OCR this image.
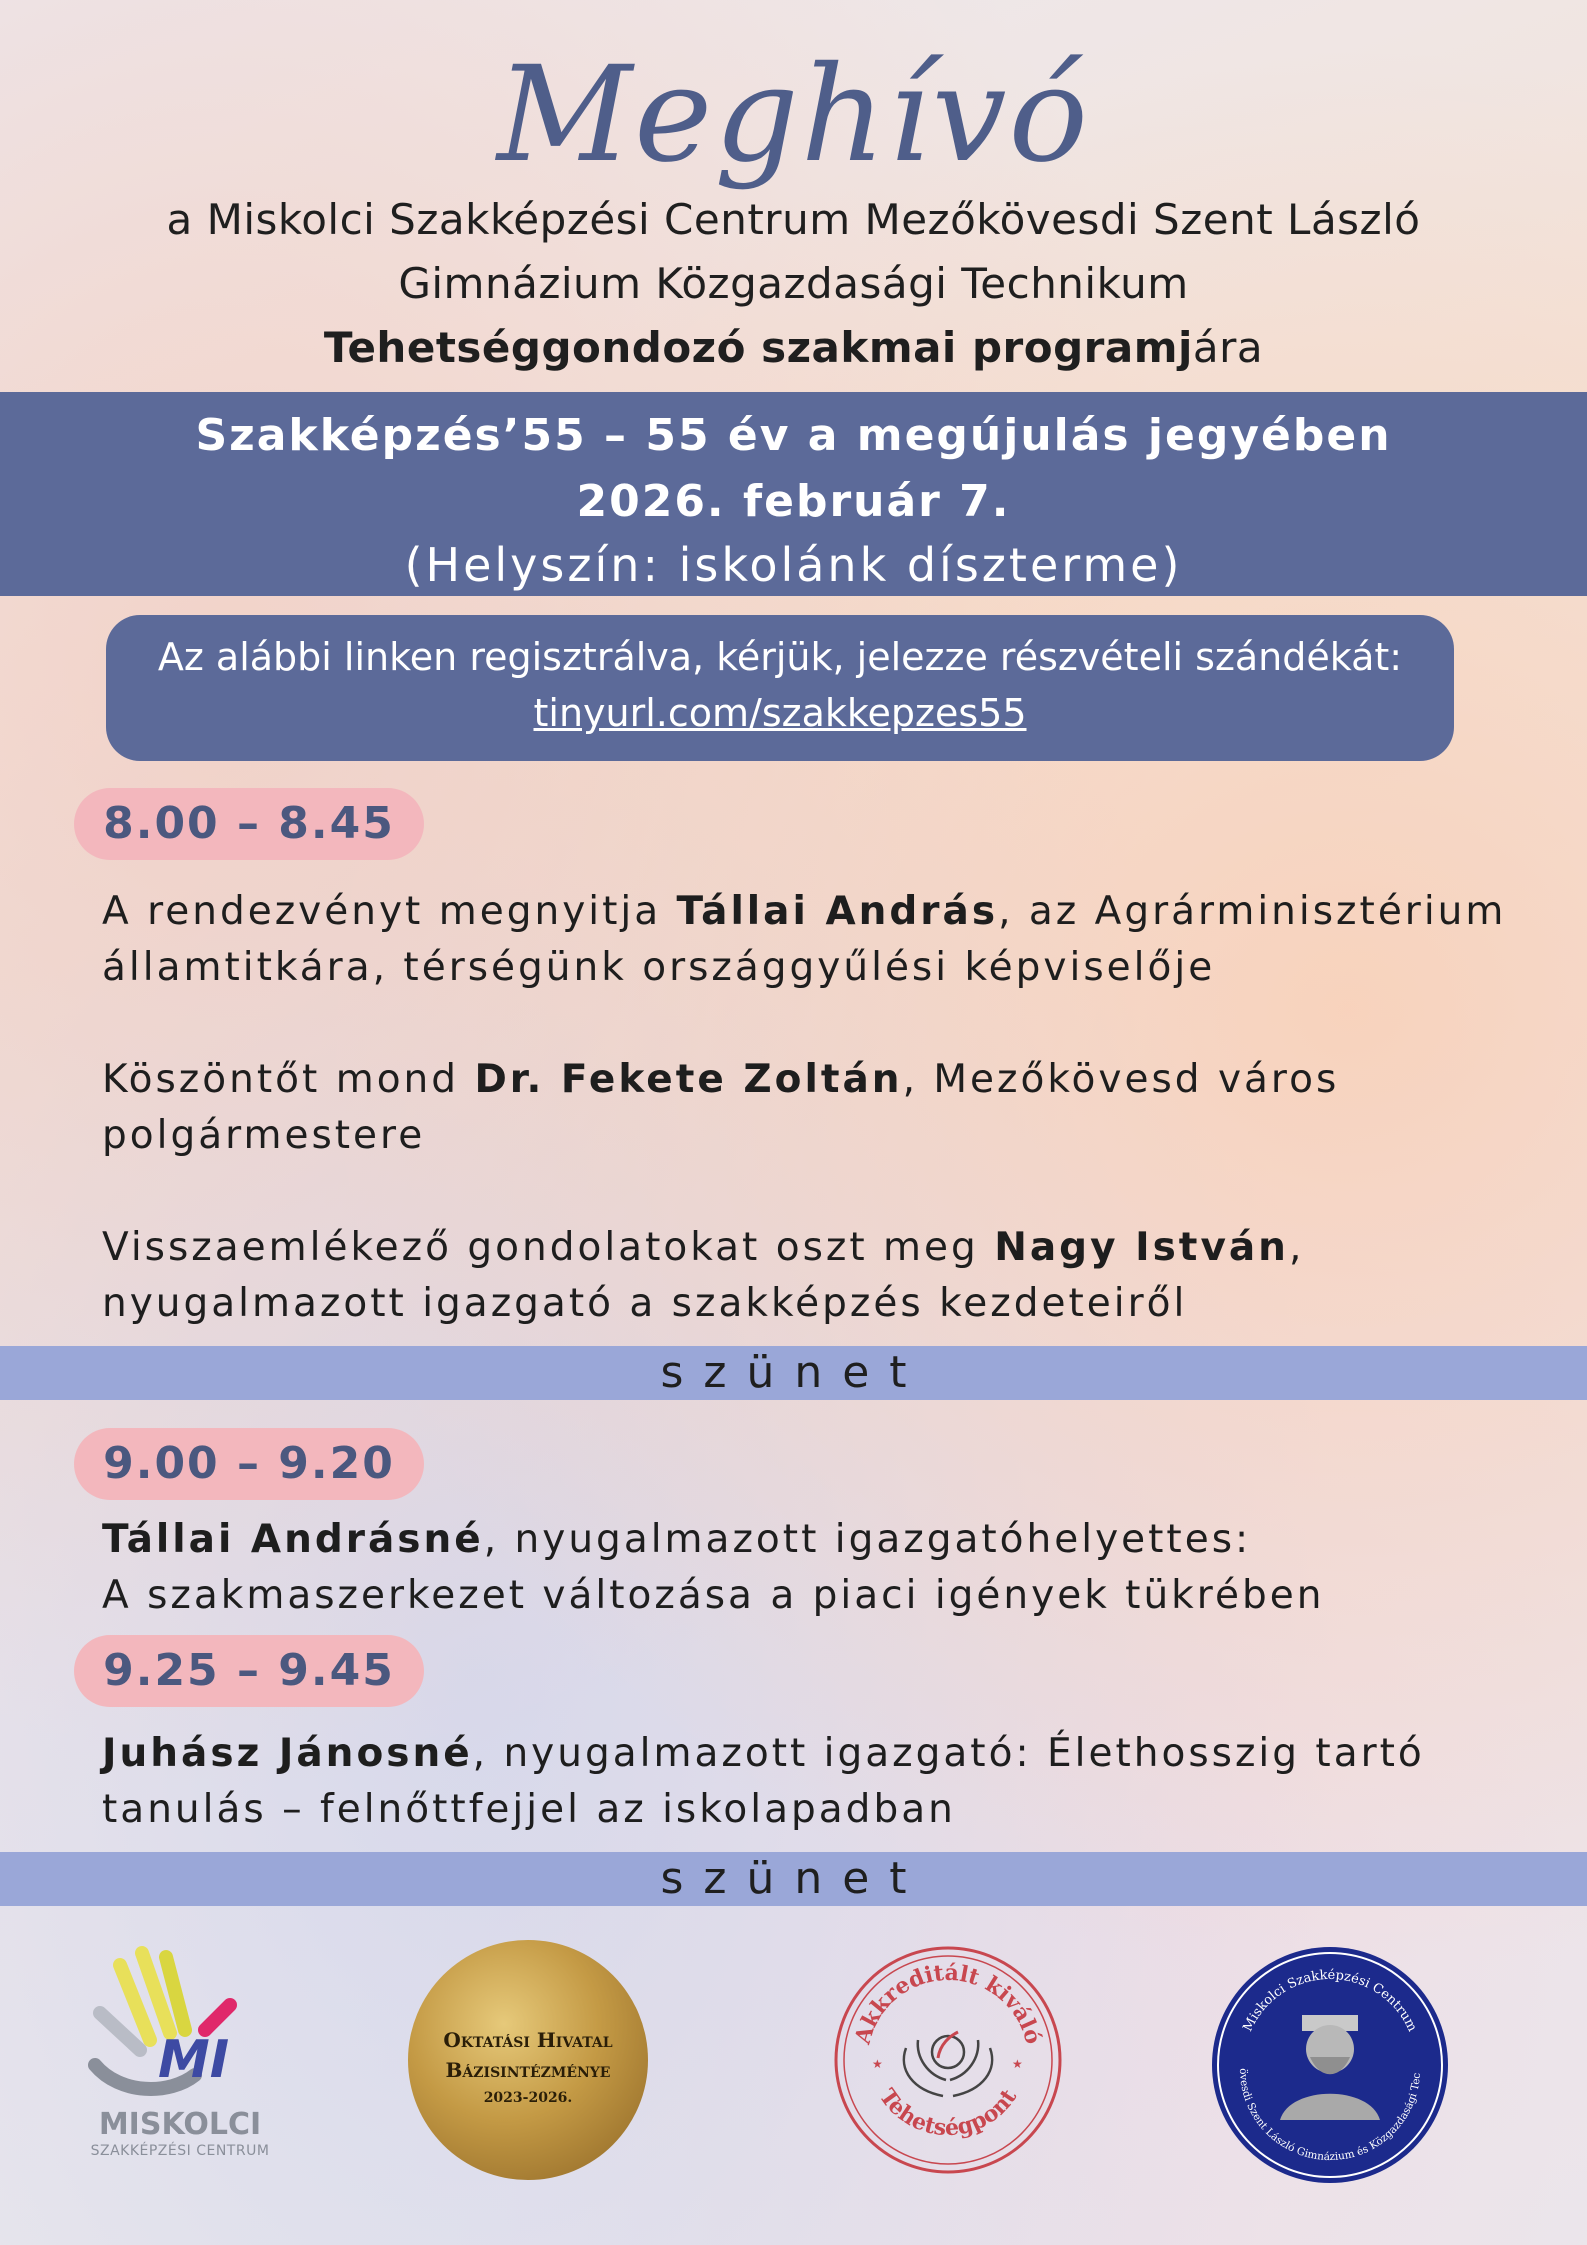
Meghívó
a Miskolci Szakképzési Centrum Mezőkövesdi Szent László
Gimnázium Közgazdasági Technikum
Tehetséggondozó szakmai programjára
Szakképzés’55 – 55 év a megújulás jegyében
2026. február 7.
(Helyszín: iskolánk díszterme)
Az alábbi linken regisztrálva, kérjük, jelezze részvételi szándékát:
tinyurl.com/szakkepzes55
8.00 – 8.45
A rendezvényt megnyitja Tállai András, az Agrárminisztérium
államtitkára, térségünk országgyűlési képviselője
Köszöntőt mond Dr. Fekete Zoltán, Mezőkövesd város
polgármestere
Visszaemlékező gondolatokat oszt meg Nagy István,
nyugalmazott igazgató a szakképzés kezdeteiről
szünet
9.00 – 9.20
Tállai Andrásné, nyugalmazott igazgatóhelyettes:
A szakmaszerkezet változása a piaci igények tükrében
9.25 – 9.45
Juhász Jánosné, nyugalmazott igazgató: Élethosszig tartó
tanulás – felnőttfejjel az iskolapadban
szünet
MI
MISKOLCI
SZAKKÉPZÉSI CENTRUM
Oktatási Hivatal
Bázisintézménye
2023-2026.
Akkreditált kiváló
Tehetségpont
★	★
Miskolci Szakképzési Centrum
övesdi Szent László Gimnázium és Közgazdasági Tec
